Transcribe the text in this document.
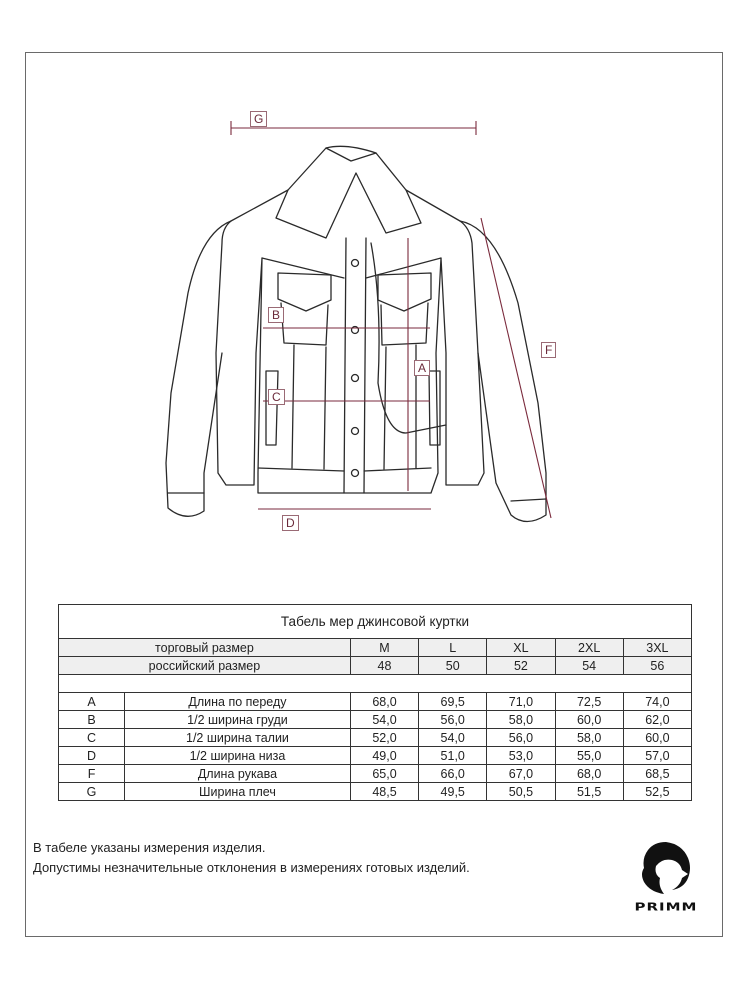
G
B
C
D
A
F
Табель мер джинсовой куртки						
торговый размер		M	L	XL	2XL	3XL
российский размер		48	50	52	54	56

A	Длина по переду	68,0	69,5	71,0	72,5	74,0
B	1/2 ширина груди	54,0	56,0	58,0	60,0	62,0
C	1/2 ширина талии	52,0	54,0	56,0	58,0	60,0
D	1/2 ширина низа	49,0	51,0	53,0	55,0	57,0
F	Длина рукава	65,0	66,0	67,0	68,0	68,5
G	Ширина плеч	48,5	49,5	50,5	51,5	52,5
В табеле указаны измерения изделия.
Допустимы незначительные отклонения в измерениях готовых изделий.
PRIMM
